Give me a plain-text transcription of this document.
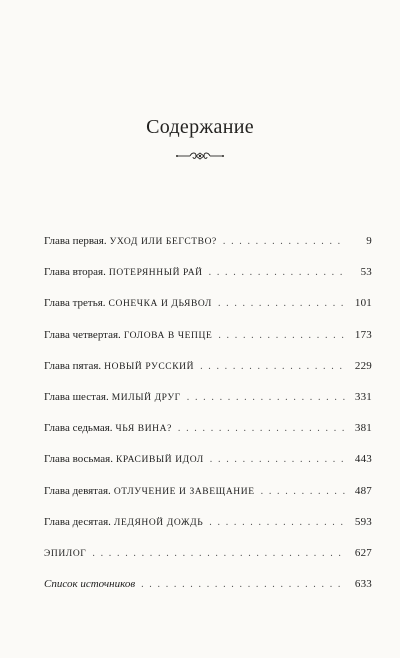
Содержание
Глава первая. УХОД ИЛИ БЕГСТВО? . . .	9
Глава вторая. ПОТЕРЯННЫЙ РАЙ . . .	53
Глава третья. СОНЕЧКА И ДЬЯВОЛ . . .	101
Глава четвертая. ГОЛОВА В ЧЕПЦЕ . . .	173
Глава пятая. НОВЫЙ РУССКИЙ . . .	229
Глава шестая. МИЛЫЙ ДРУГ . . .	331
Глава седьмая. ЧЬЯ ВИНА? . . .	381
Глава восьмая. КРАСИВЫЙ ИДОЛ . . .	443
Глава девятая. ОТЛУЧЕНИЕ И ЗАВЕЩАНИЕ . . .	487
Глава десятая. ЛЕДЯНОЙ ДОЖДЬ . . .	593
ЭПИЛОГ . . .	627
Список источников . . .	633
